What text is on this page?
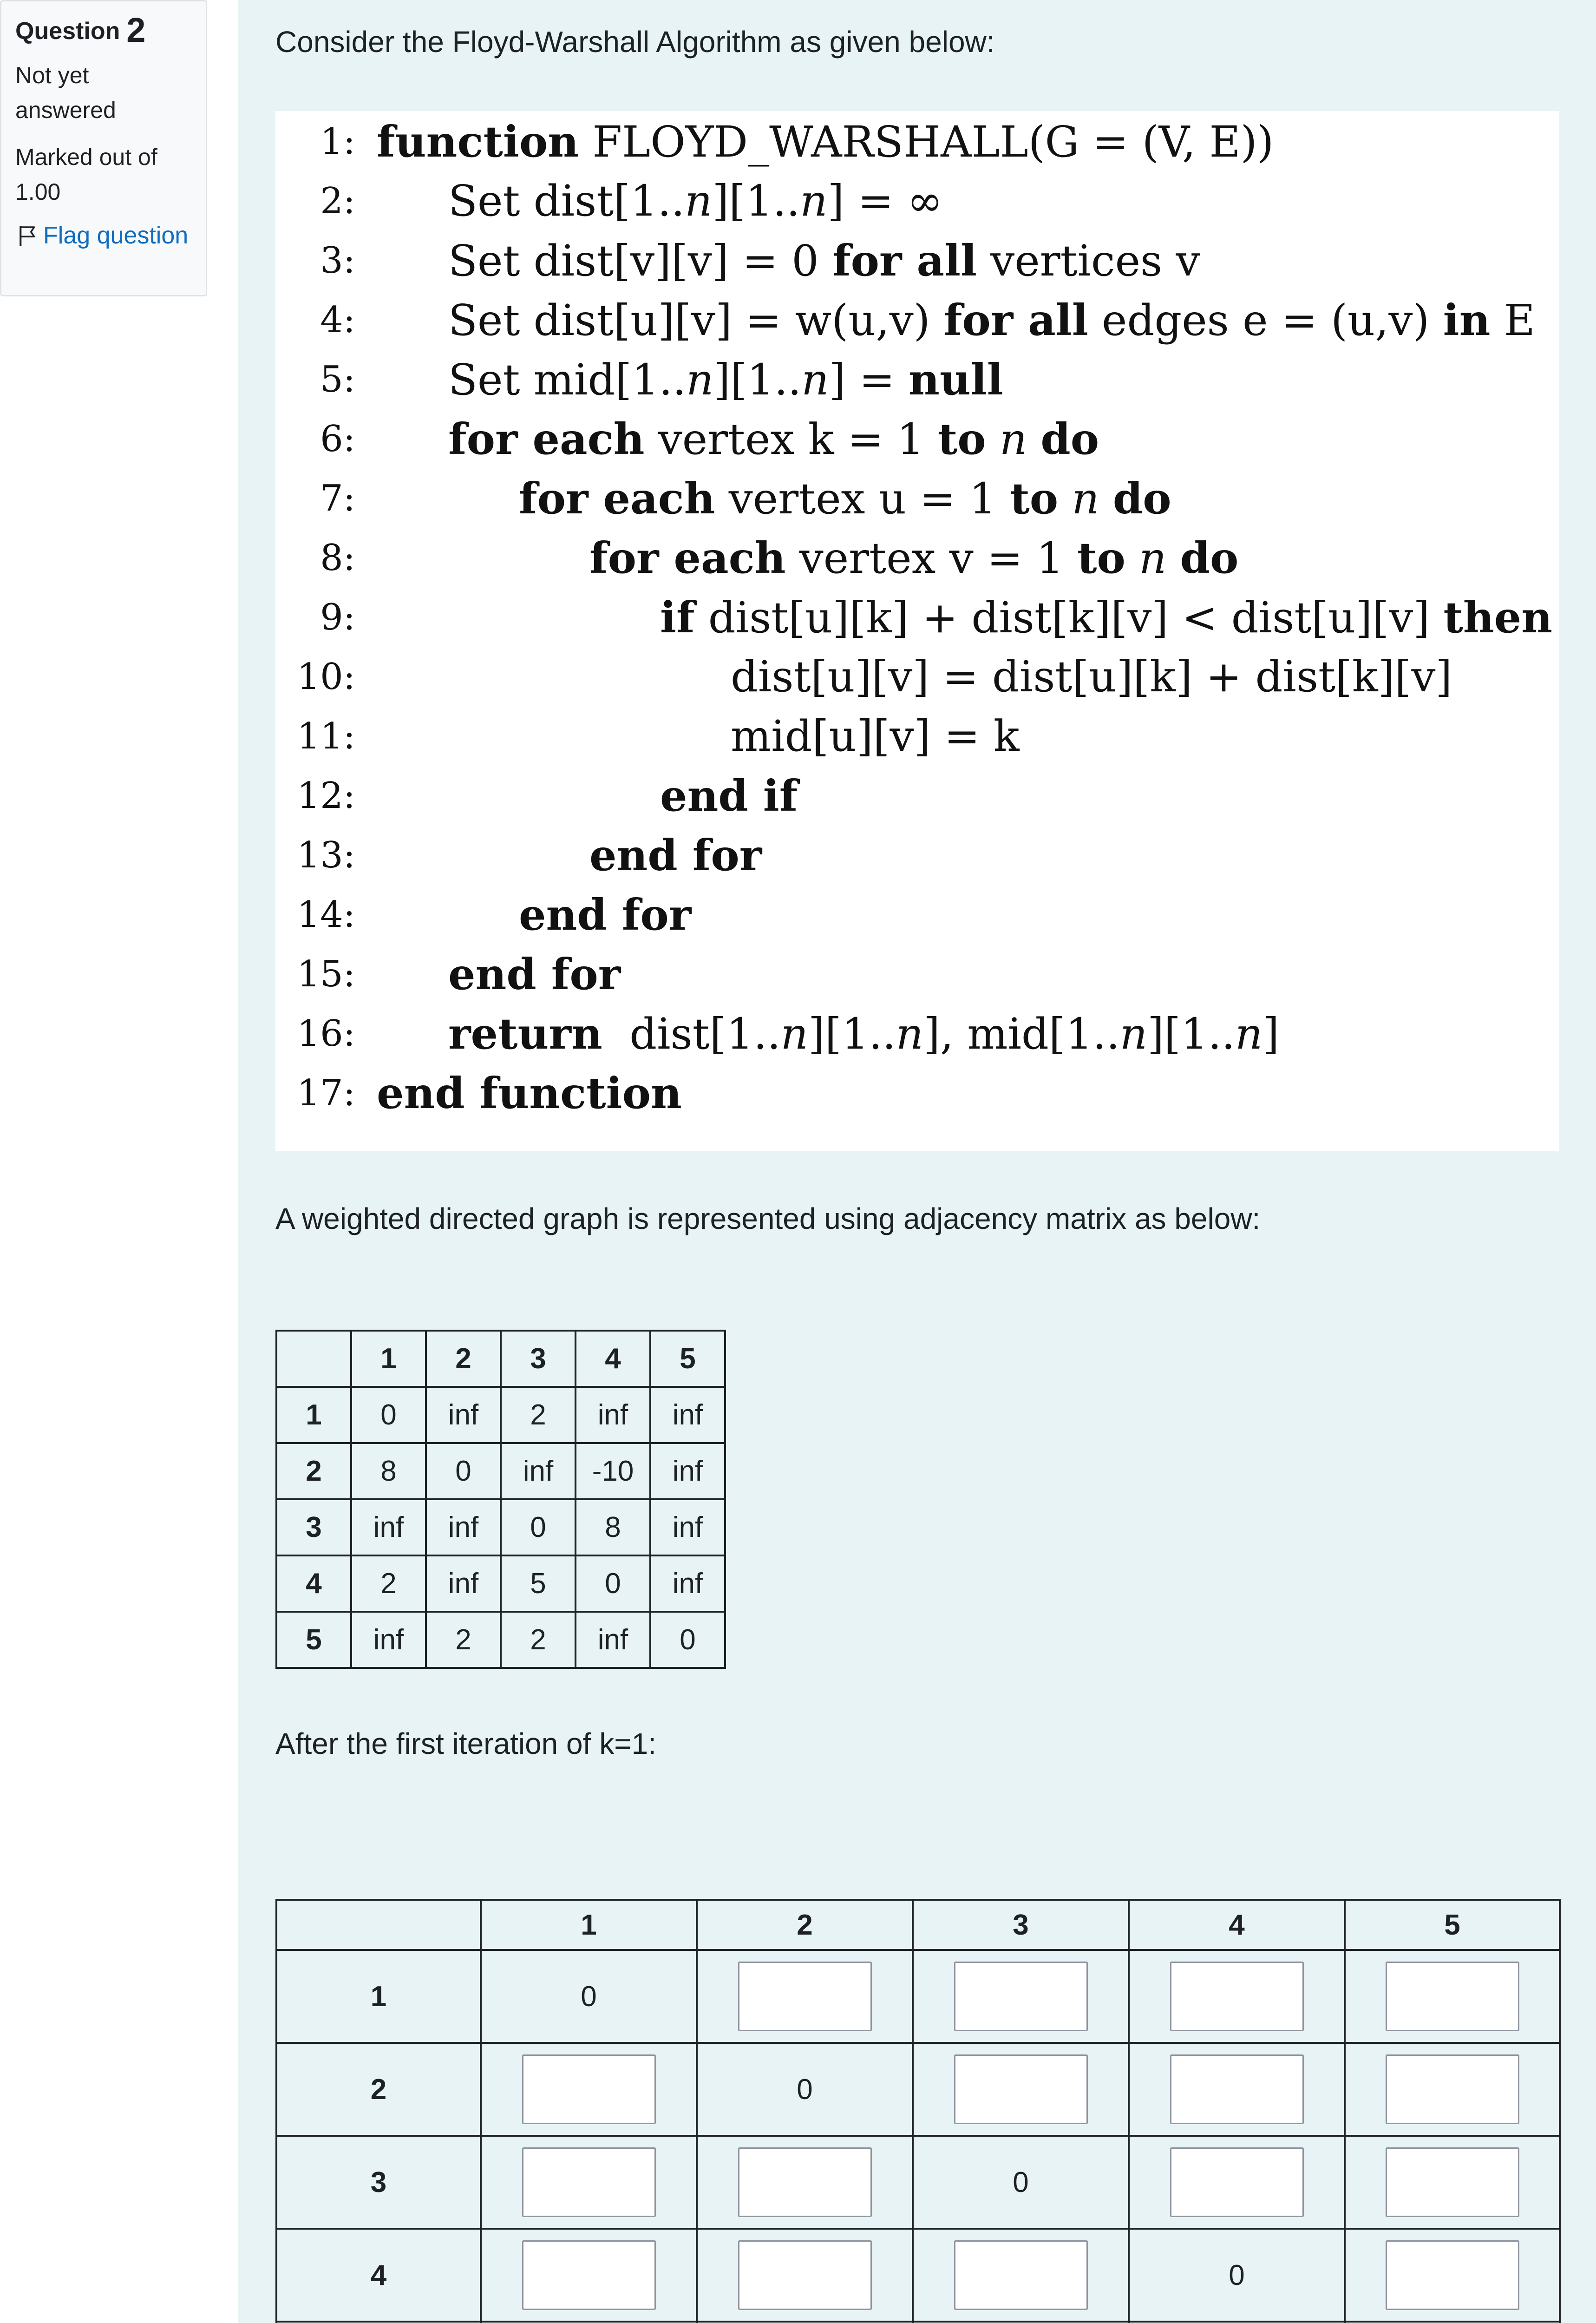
Question 2
Not yet answered
Marked out of 1.00
Flag question
Consider the Floyd-Warshall Algorithm as given below:
1: function FLOYD_WARSHALL(G = (V, E))
2: Set dist[1..n][1..n] = ∞
3: Set dist[v][v] = 0 for all vertices v
4: Set dist[u][v] = w(u,v) for all edges e = (u,v) in E
5: Set mid[1..n][1..n] = null
6: for each vertex k = 1 to n do
7:	for each vertex u = 1 to n do
8:	for each vertex v = 1 to n do
9:	if dist[u][k] + dist[k][v] < dist[u][v] then
10:	dist[u][v] = dist[u][k] + dist[k][v]
11:	mid[u][v] = k
12:	end if
13:	end for
14:	end for
15: end for
16: return  dist[1..n][1..n], mid[1..n][1..n]
17: end function
A weighted directed graph is represented using adjacency matrix as below:
	1	2	3	4	5
1	0	inf	2	inf	inf
2	8	0	inf	-10	inf
3	inf	inf	0	8	inf
4	2	inf	5	0	inf
5	inf	2	2	inf	0
After the first iteration of k=1:
	1	2	3	4	5
1	0				
2		0			
3			0		
4				0	
